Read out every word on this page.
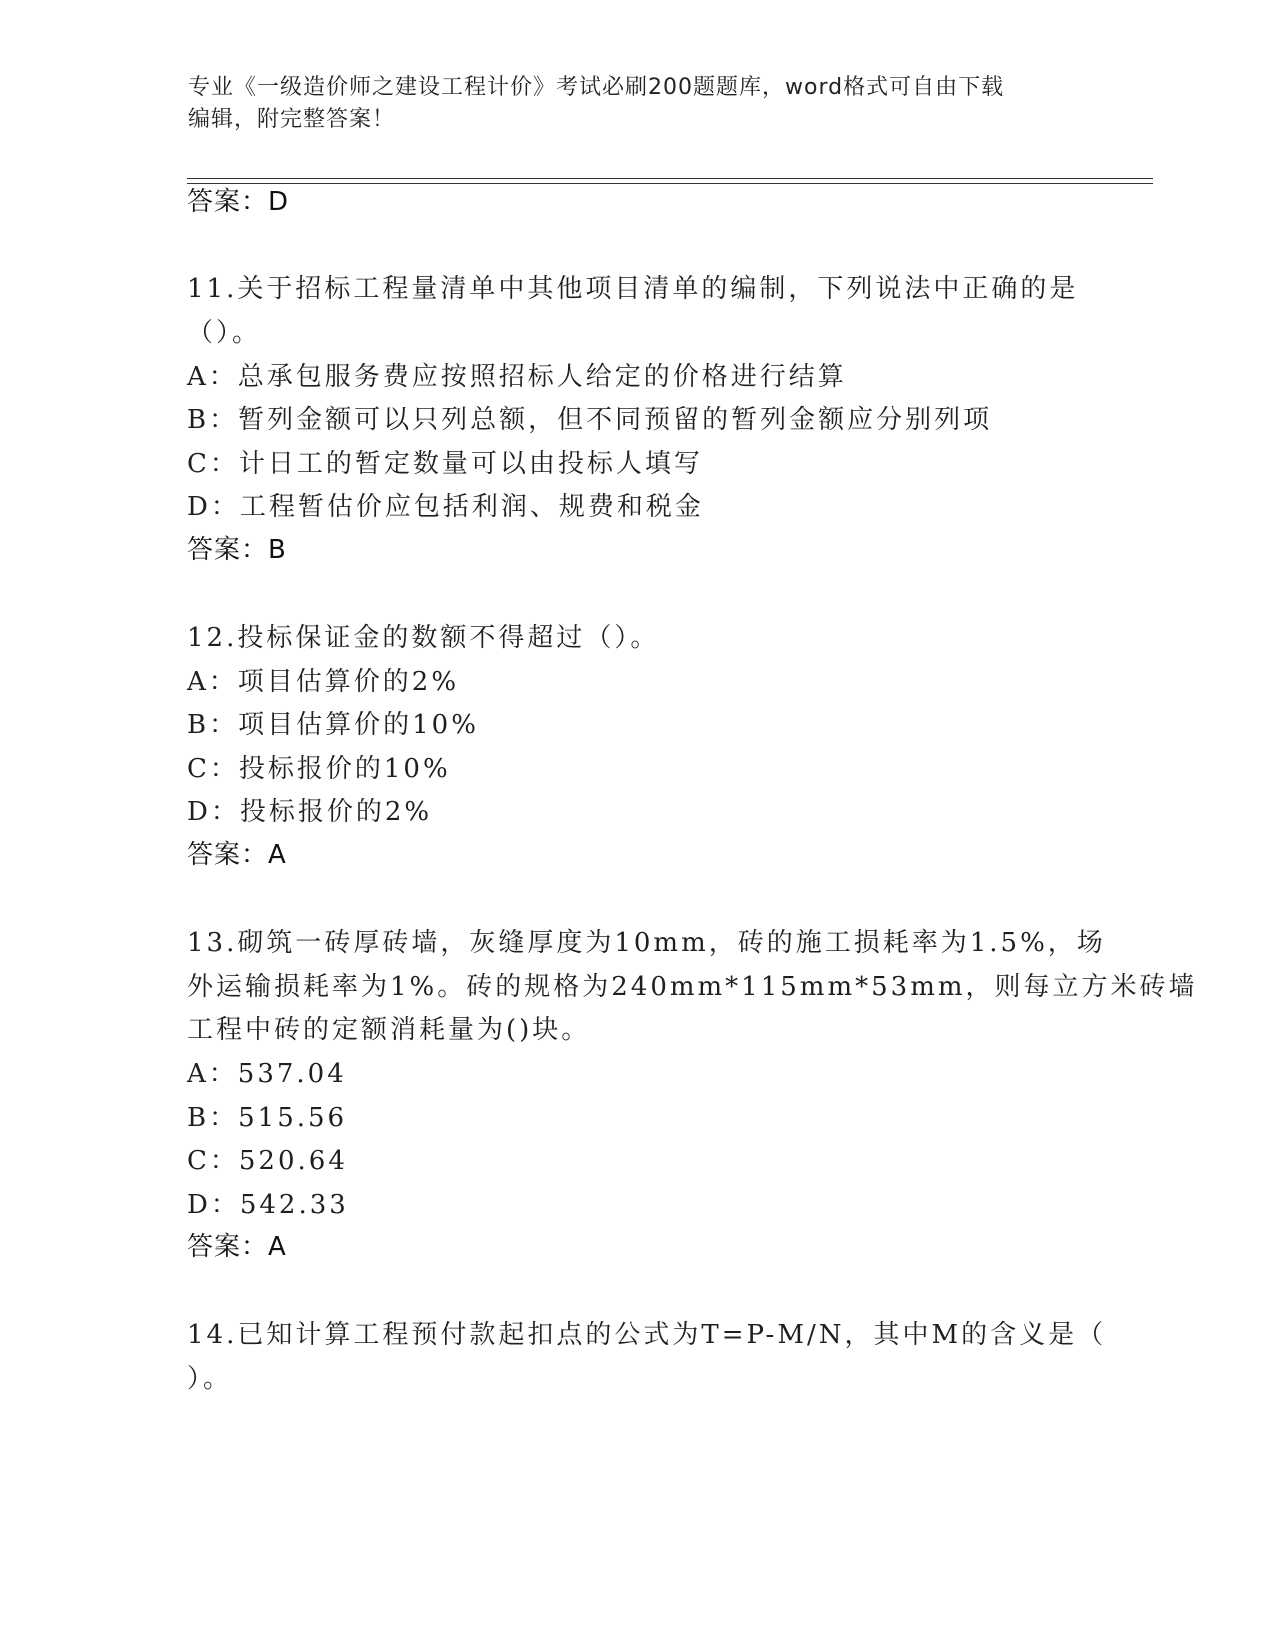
专业《一级造价师之建设工程计价》考试必刷200题题库，word格式可自由下载
编辑，附完整答案！
答案：D
11.关于招标工程量清单中其他项目清单的编制，下列说法中正确的是
（）。
A：总承包服务费应按照招标人给定的价格进行结算
B：暂列金额可以只列总额，但不同预留的暂列金额应分别列项
C：计日工的暂定数量可以由投标人填写
D：工程暂估价应包括利润、规费和税金
答案：B
12.投标保证金的数额不得超过（）。
A：项目估算价的2%
B：项目估算价的10%
C：投标报价的10%
D：投标报价的2%
答案：A
13.砌筑一砖厚砖墙，灰缝厚度为10mm，砖的施工损耗率为1.5%，场
外运输损耗率为1%。砖的规格为240mm*115mm*53mm，则每立方米砖墙
工程中砖的定额消耗量为()块。
A：537.04
B：515.56
C：520.64
D：542.33
答案：A
14.已知计算工程预付款起扣点的公式为T=P-M/N，其中M的含义是（
）。
